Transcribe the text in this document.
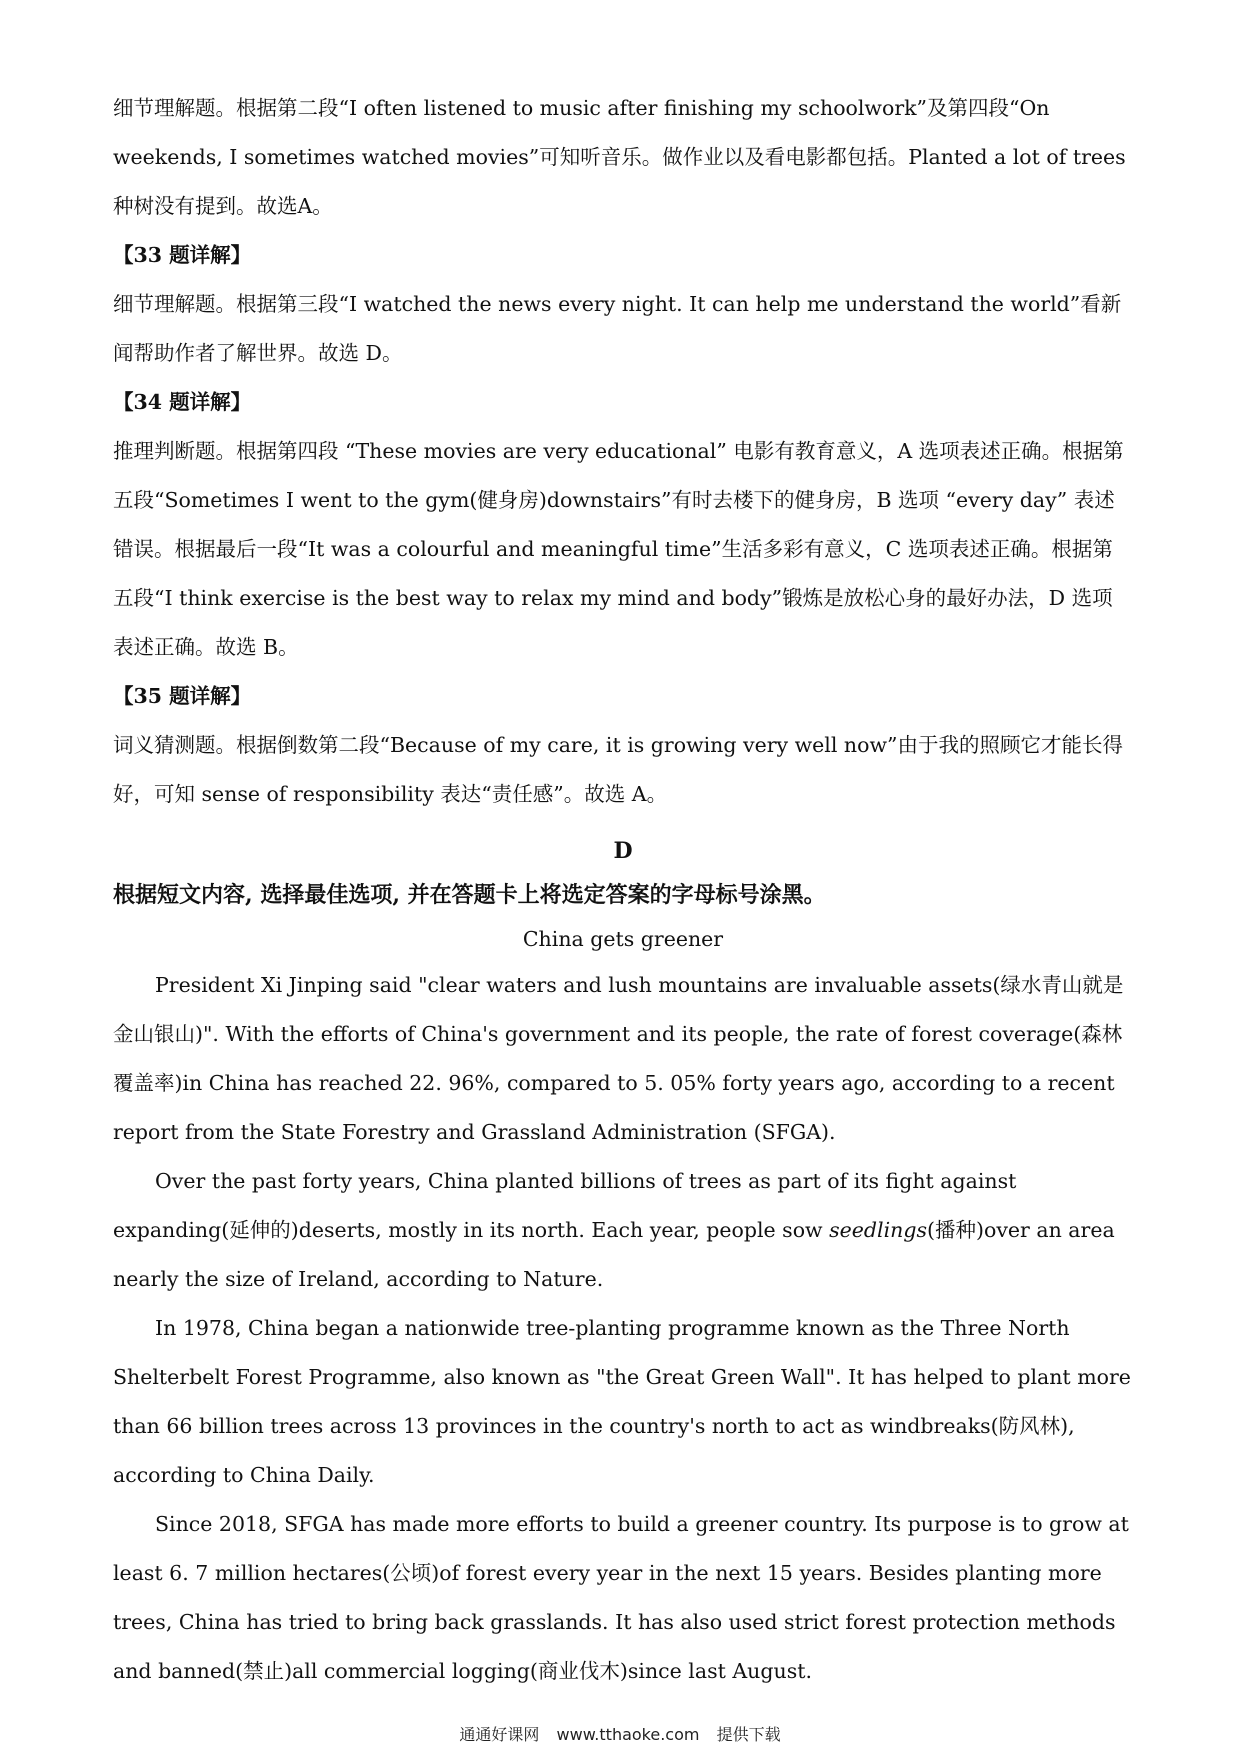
细节理解题。根据第二段“I often listened to music after finishing my schoolwork”及第四段“On weekends, I sometimes watched movies”可知听音乐。做作业以及看电影都包括。Planted a lot of trees 种树没有提到。故选A。

【33 题详解】

细节理解题。根据第三段“I watched the news every night. It can help me understand the world”看新闻帮助作者了解世界。故选 D。

【34 题详解】

推理判断题。根据第四段 “These movies are very educational” 电影有教育意义，A 选项表述正确。根据第五段“Sometimes I went to the gym(健身房)downstairs”有时去楼下的健身房，B 选项 “every day” 表述错误。根据最后一段“It was a colourful and meaningful time”生活多彩有意义，C 选项表述正确。根据第五段“I think exercise is the best way to relax my mind and body”锻炼是放松心身的最好办法，D 选项表述正确。故选 B。

【35 题详解】

词义猜测题。根据倒数第二段“Because of my care, it is growing very well now”由于我的照顾它才能长得好，可知 sense of responsibility 表达“责任感”。故选 A。

D
根据短文内容, 选择最佳选项, 并在答题卡上将选定答案的字母标号涂黑。
China gets greener

President Xi Jinping said "clear waters and lush mountains are invaluable assets(绿水青山就是金山银山)". With the efforts of China's government and its people, the rate of forest coverage(森林覆盖率)in China has reached 22. 96%, compared to 5. 05% forty years ago, according to a recent report from the State Forestry and Grassland Administration (SFGA).

Over the past forty years, China planted billions of trees as part of its fight against expanding(延伸的)deserts, mostly in its north. Each year, people sow seedlings(播种)over an area nearly the size of Ireland, according to Nature.

In 1978, China began a nationwide tree-planting programme known as the Three North Shelterbelt Forest Programme, also known as "the Great Green Wall". It has helped to plant more than 66 billion trees across 13 provinces in the country's north to act as windbreaks(防风林), according to China Daily.

Since 2018, SFGA has made more efforts to build a greener country. Its purpose is to grow at least 6. 7 million hectares(公顷)of forest every year in the next 15 years. Besides planting more trees, China has tried to bring back grasslands. It has also used strict forest protection methods and banned(禁止)all commercial logging(商业伐木)since last August.

通通好课网 www.tthaoke.com 提供下载
